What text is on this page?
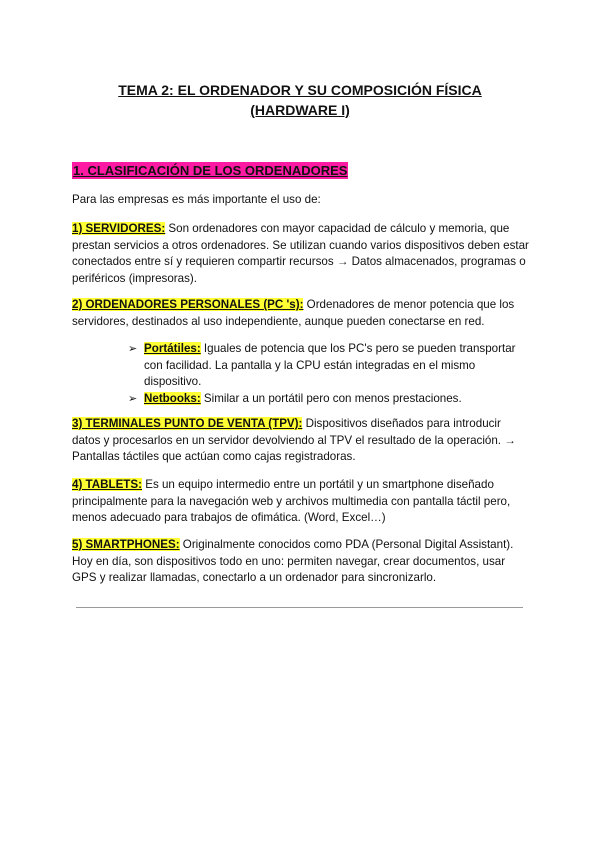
TEMA 2: EL ORDENADOR Y SU COMPOSICIÓN FÍSICA
(HARDWARE I)
1. CLASIFICACIÓN DE LOS ORDENADORES
Para las empresas es más importante el uso de:
1) SERVIDORES: Son ordenadores con mayor capacidad de cálculo y memoria, que prestan servicios a otros ordenadores. Se utilizan cuando varios dispositivos deben estar conectados entre sí y requieren compartir recursos → Datos almacenados, programas o periféricos (impresoras).
2) ORDENADORES PERSONALES (PC 's): Ordenadores de menor potencia que los servidores, destinados al uso independiente, aunque pueden conectarse en red.
➢ Portátiles: Iguales de potencia que los PC's pero se pueden transportar con facilidad. La pantalla y la CPU están integradas en el mismo dispositivo.
➢ Netbooks: Similar a un portátil pero con menos prestaciones.
3) TERMINALES PUNTO DE VENTA (TPV): Dispositivos diseñados para introducir datos y procesarlos en un servidor devolviendo al TPV el resultado de la operación. → Pantallas táctiles que actúan como cajas registradoras.
4) TABLETS: Es un equipo intermedio entre un portátil y un smartphone diseñado principalmente para la navegación web y archivos multimedia con pantalla táctil pero, menos adecuado para trabajos de ofimática. (Word, Excel…)
5) SMARTPHONES: Originalmente conocidos como PDA (Personal Digital Assistant). Hoy en día, son dispositivos todo en uno: permiten navegar, crear documentos, usar GPS y realizar llamadas, conectarlo a un ordenador para sincronizarlo.
